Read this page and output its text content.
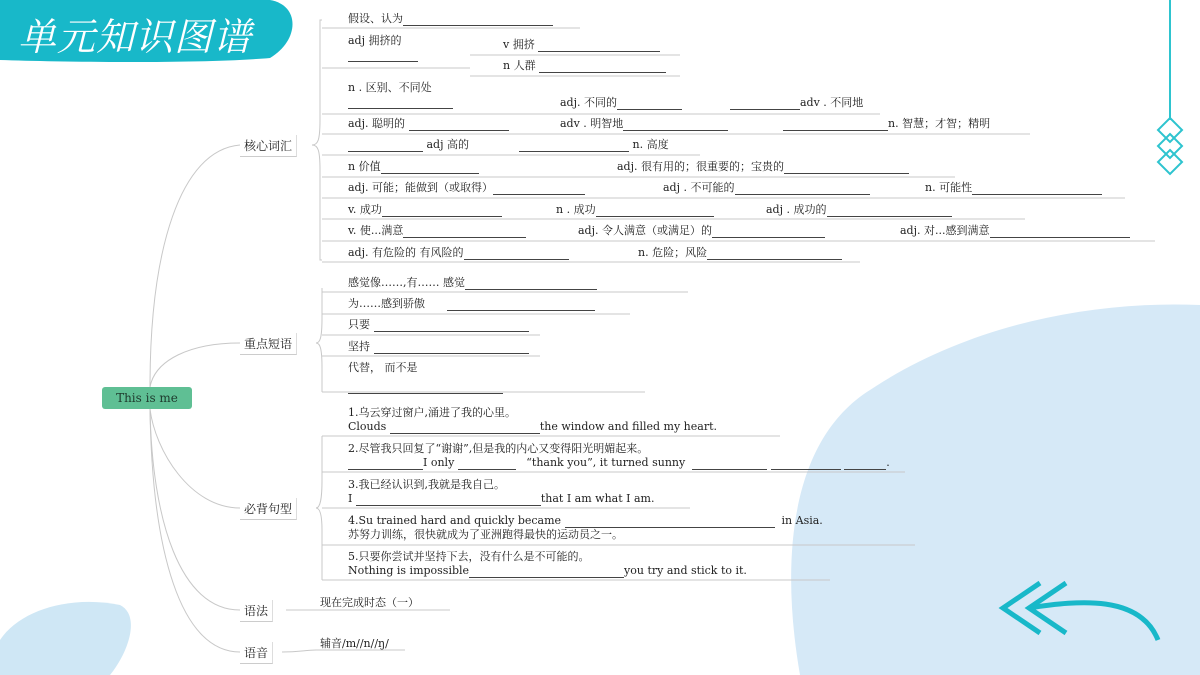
单元知识图谱
This is me
核心词汇
重点短语
必背句型
语法
语音
假设、认为
adj 拥挤的	v 拥挤
n 人群
n . 区别、不同处
adj. 不同的	adv . 不同地
adj. 聪明的	adv . 明智地	n. 智慧；才智；精明
adj 高的	n. 高度
n 价值	adj. 很有用的；很重要的；宝贵的
adj. 可能；能做到（或取得）	adj . 不可能的	n. 可能性
v. 成功	n . 成功	adj . 成功的
v. 使...满意	adj. 令人满意（或满足）的	adj. 对...感到满意
adj. 有危险的 有风险的	n. 危险；风险
感觉像……,有…… 感觉
为……感到骄傲
只要
坚持
代替， 而不是
1.乌云穿过窗户,涌进了我的心里。
Clouds	the window and filled my heart.
2.尽管我只回复了“谢谢”,但是我的内心又变得阳光明媚起来。
I only	“thank you”, it turned sunny	.
3.我已经认识到,我就是我自己。
I	that I am what I am.
4.Su trained hard and quickly became	in Asia.
苏努力训练，很快就成为了亚洲跑得最快的运动员之一。
5.只要你尝试并坚持下去，没有什么是不可能的。
Nothing is impossible	you try and stick to it.
现在完成时态（一）
辅音/m//n//ŋ/
